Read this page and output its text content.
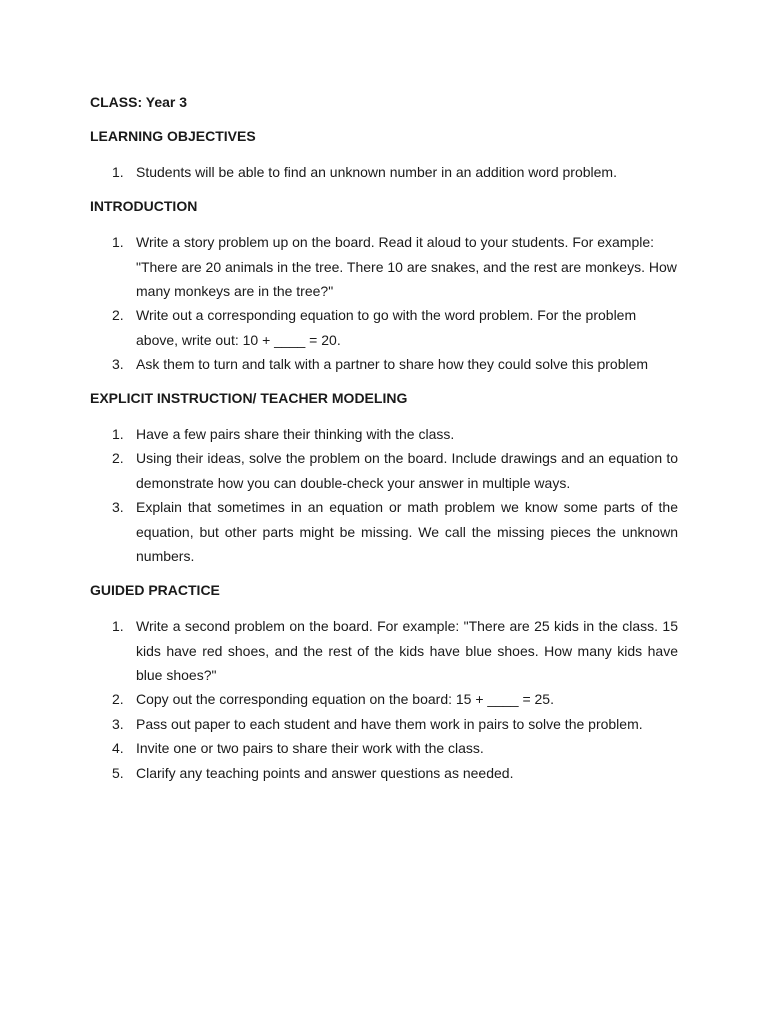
CLASS: Year 3
LEARNING OBJECTIVES
1. Students will be able to find an unknown number in an addition word problem.
INTRODUCTION
1. Write a story problem up on the board. Read it aloud to your students. For example: "There are 20 animals in the tree. There 10 are snakes, and the rest are monkeys. How many monkeys are in the tree?"
2. Write out a corresponding equation to go with the word problem. For the problem above, write out: 10 + ____ = 20.
3. Ask them to turn and talk with a partner to share how they could solve this problem
EXPLICIT INSTRUCTION/ TEACHER MODELING
1. Have a few pairs share their thinking with the class.
2. Using their ideas, solve the problem on the board. Include drawings and an equation to demonstrate how you can double-check your answer in multiple ways.
3. Explain that sometimes in an equation or math problem we know some parts of the equation, but other parts might be missing. We call the missing pieces the unknown numbers.
GUIDED PRACTICE
1. Write a second problem on the board. For example: "There are 25 kids in the class. 15 kids have red shoes, and the rest of the kids have blue shoes. How many kids have blue shoes?"
2. Copy out the corresponding equation on the board: 15 + ____ = 25.
3. Pass out paper to each student and have them work in pairs to solve the problem.
4. Invite one or two pairs to share their work with the class.
5. Clarify any teaching points and answer questions as needed.
